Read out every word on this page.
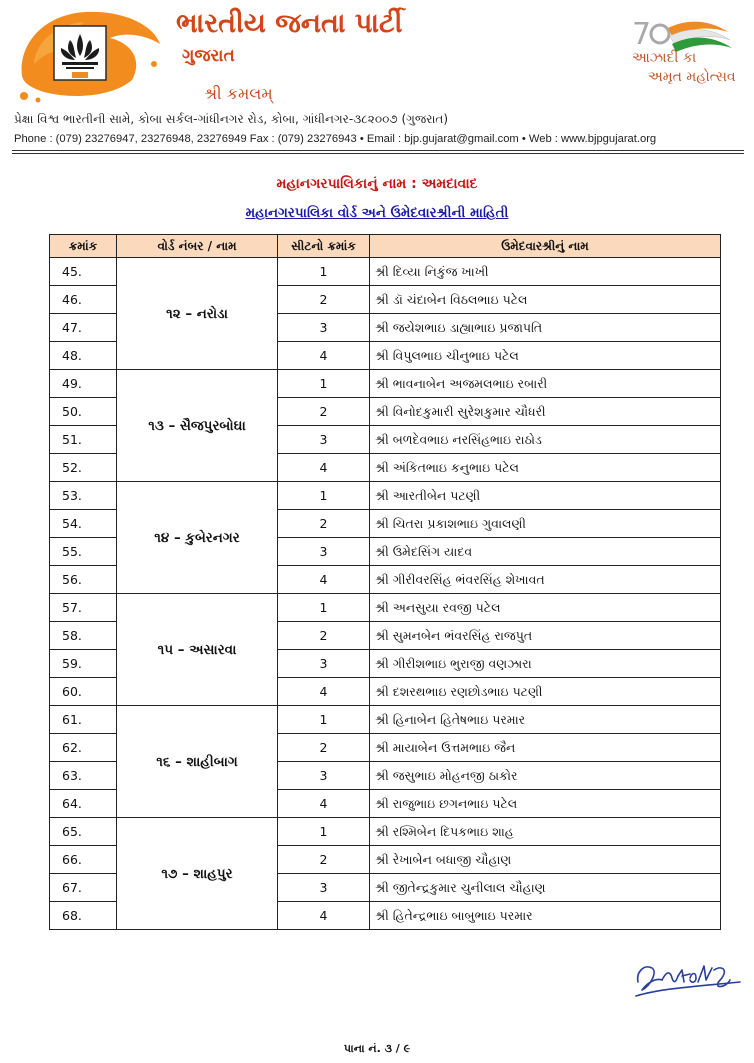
ભારતીય જનતા પાર્ટી
ગુજરાત
શ્રી કમલમ્
7
આઝાદી કા
અમૃત મહોત્સવ
પ્રેક્ષા વિશ્વ ભારતીની સામે, કોબા સર્કલ-ગાંધીનગર રોડ, કોબા, ગાંધીનગર-૩૮૨૦૦૭ (ગુજરાત)
Phone : (079) 23276947, 23276948, 23276949 Fax : (079) 23276943 • Email : bjp.gujarat@gmail.com • Web : www.bjpgujarat.org
મહાનગરપાલિકાનું નામ : અમદાવાદ
મહાનગરપાલિકા વોર્ડ અને ઉમેદવારશ્રીની માહિતી
ક્રમાંક	વોર્ડ નંબર / નામ	સીટનો ક્રમાંક	ઉમેદવારશ્રીનું નામ
45.	૧૨ – નરોડા	1	શ્રી દિવ્યા નિકુંજ ખાખી
46.		2	શ્રી ડૉ ચંદાબેન વિઠલભાઇ પટેલ
47.		3	શ્રી જયેશભાઇ ડાહ્યાભાઇ પ્રજાપતિ
48.		4	શ્રી વિપુલભાઇ ચીનુભાઇ પટેલ
49.	૧૩ – સૈજપુરબોઘા	1	શ્રી ભાવનાબેન અજમલભાઇ રબારી
50.		2	શ્રી વિનોદકુમારી સુરેશકુમાર ચૌધરી
51.		3	શ્રી બળદેવભાઇ નરસિંહભાઇ રાઠોડ
52.		4	શ્રી અંકિતભાઇ કનુભાઇ પટેલ
53.	૧૪ – કુબેરનગર	1	શ્રી આરતીબેન પટણી
54.		2	શ્રી ચિતરા પ્રકાશભાઇ ગુવાલણી
55.		3	શ્રી ઉમેદસિંગ યાદવ
56.		4	શ્રી ગીરીવરસિંહ ભંવરસિંહ શેખાવત
57.	૧૫ – અસારવા	1	શ્રી અનસુયા રવજી પટેલ
58.		2	શ્રી સુમનબેન ભંવરસિંહ રાજપુત
59.		3	શ્રી ગીરીશભાઇ ભુરાજી વણઝારા
60.		4	શ્રી દશરથભાઇ રણછોડભાઇ પટણી
61.	૧૬ – શાહીબાગ	1	શ્રી હિનાબેન હિતેષભાઇ પરમાર
62.		2	શ્રી માયાબેન ઉત્તમભાઇ જૈન
63.		3	શ્રી જસુભાઇ મોહનજી ઠાકોર
64.		4	શ્રી રાજુભાઇ છગનભાઇ પટેલ
65.	૧૭ – શાહપુર	1	શ્રી રશ્મિબેન દિપકભાઇ શાહ
66.		2	શ્રી રેખાબેન બધાજી ચૌહાણ
67.		3	શ્રી જીતેન્દ્રકુમાર ચુનીલાલ ચૌહાણ
68.		4	શ્રી હિતેન્દ્રભાઇ બાબુભાઇ પરમાર
પાના નં. ૩ / ૯
